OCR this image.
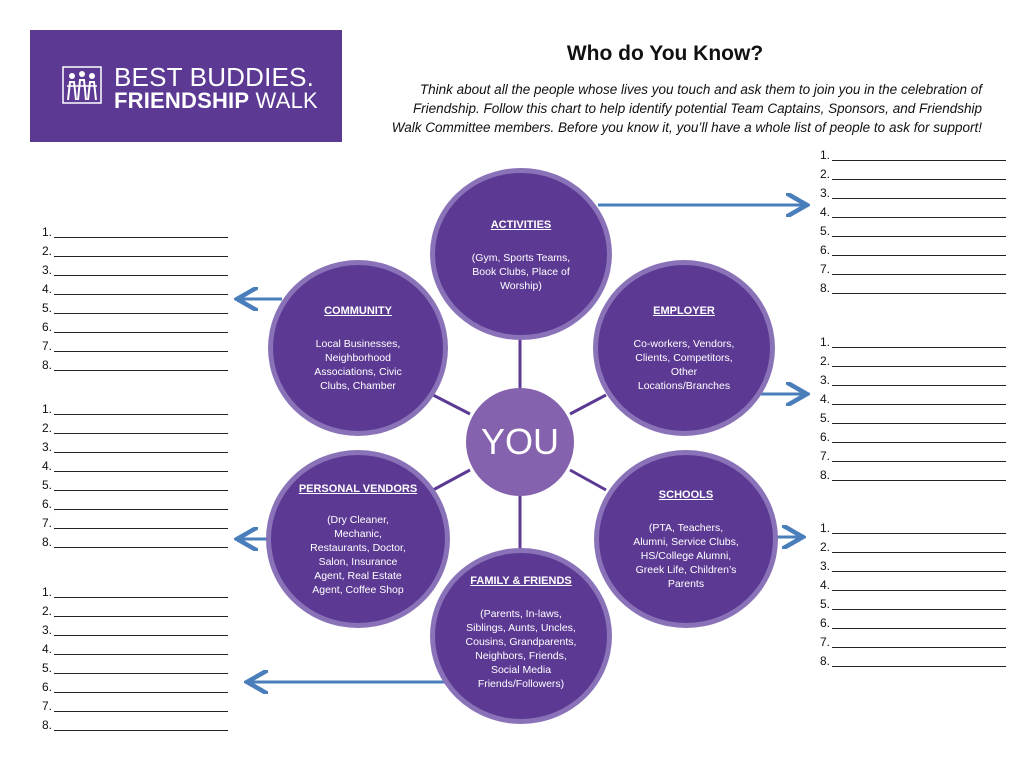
BEST BUDDIES.
FRIENDSHIP WALK
Who do You Know?
Think about all the people whose lives you touch and ask them to join you in the celebration of
Friendship. Follow this chart to help identify potential Team Captains, Sponsors, and Friendship
Walk Committee members. Before you know it, you’ll have a whole list of people to ask for support!
YOU
ACTIVITIES
(Gym, Sports Teams,
Book Clubs, Place of
Worship)
EMPLOYER
Co-workers, Vendors,
Clients, Competitors,
Other
Locations/Branches
COMMUNITY
Local Businesses,
Neighborhood
Associations, Civic
Clubs, Chamber
PERSONAL VENDORS
(Dry Cleaner,
Mechanic,
Restaurants, Doctor,
Salon, Insurance
Agent, Real Estate
Agent, Coffee Shop
SCHOOLS
(PTA, Teachers,
Alumni, Service Clubs,
HS/College Alumni,
Greek Life, Children’s
Parents
FAMILY & FRIENDS
(Parents, In-laws,
Siblings, Aunts, Uncles,
Cousins, Grandparents,
Neighbors, Friends,
Social Media
Friends/Followers)
1.
2.
3.
4.
5.
6.
7.
8.
1.
2.
3.
4.
5.
6.
7.
8.
1.
2.
3.
4.
5.
6.
7.
8.
1.
2.
3.
4.
5.
6.
7.
8.
1.
2.
3.
4.
5.
6.
7.
8.
1.
2.
3.
4.
5.
6.
7.
8.
